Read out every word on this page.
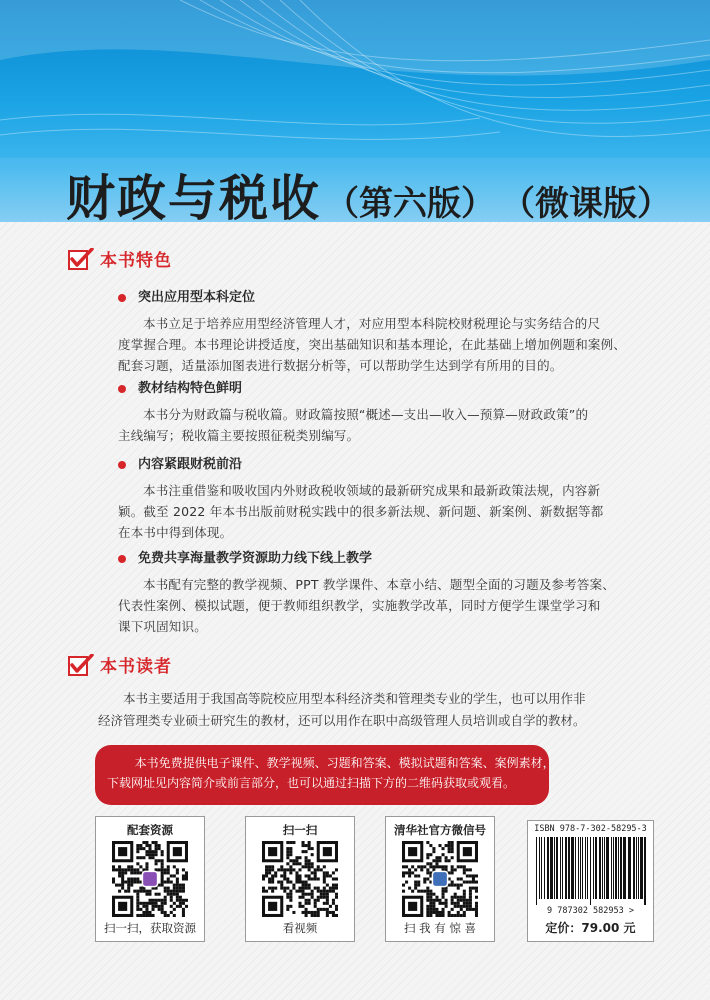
财政与税收 （第六版） （微课版）
本书特色
突出应用型本科定位
本书立足于培养应用型经济管理人才，对应用型本科院校财税理论与实务结合的尺
度掌握合理。本书理论讲授适度，突出基础知识和基本理论，在此基础上增加例题和案例、
配套习题，适量添加图表进行数据分析等，可以帮助学生达到学有所用的目的。
教材结构特色鲜明
本书分为财政篇与税收篇。财政篇按照“概述—支出—收入—预算—财政政策”的
主线编写；税收篇主要按照征税类别编写。
内容紧跟财税前沿
本书注重借鉴和吸收国内外财政税收领域的最新研究成果和最新政策法规，内容新
颖。截至 2022 年本书出版前财税实践中的很多新法规、新问题、新案例、新数据等都
在本书中得到体现。
免费共享海量教学资源助力线下线上教学
本书配有完整的教学视频、PPT 教学课件、本章小结、题型全面的习题及参考答案、
代表性案例、模拟试题，便于教师组织教学，实施教学改革，同时方便学生课堂学习和
课下巩固知识。
本书读者
本书主要适用于我国高等院校应用型本科经济类和管理类专业的学生，也可以用作非
经济管理类专业硕士研究生的教材，还可以用作在职中高级管理人员培训或自学的教材。
本书免费提供电子课件、教学视频、习题和答案、模拟试题和答案、案例素材，
下载网址见内容简介或前言部分，也可以通过扫描下方的二维码获取或观看。
配套资源
扫一扫，获取资源
扫一扫
看视频
清华社官方微信号
扫 我 有 惊 喜
ISBN 978-7-302-58295-3
9 787302 582953 >
定价：79.00 元
